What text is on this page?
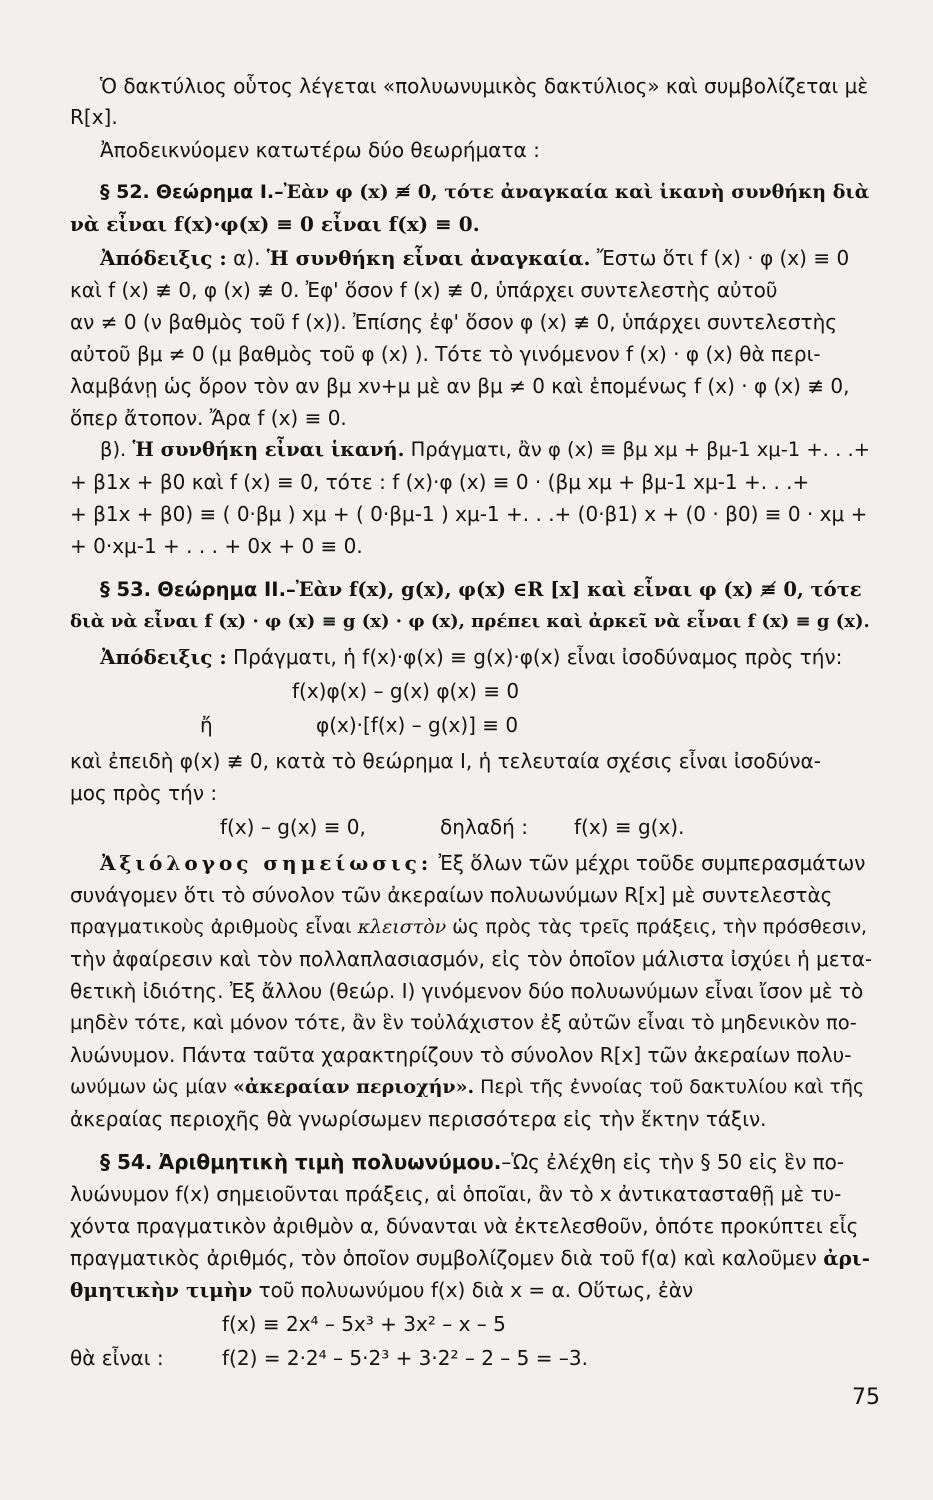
Ὁ δακτύλιος οὗτος λέγεται «πολυωνυμικὸς δακτύλιος» καὶ συμβολίζεται μὲ

R[x].

Ἀποδεικνύομεν κατωτέρω δύο θεωρήματα :

§ 52. Θεώρημα I.–Ἐὰν φ (x) ≢ 0, τότε ἀναγκαία καὶ ἱκανὴ συνθήκη διὰ

νὰ εἶναι f(x)·φ(x) ≡ 0 εἶναι f(x) ≡ 0.

Ἀπόδειξις : α). Ἡ συνθήκη εἶναι ἀναγκαία. Ἔστω ὅτι f (x) · φ (x) ≡ 0

καὶ f (x) ≢ 0, φ (x) ≢ 0. Ἐφ' ὅσον f (x) ≢ 0, ὑπάρχει συντελεστὴς αὐτοῦ

αν ≠ 0 (ν βαθμὸς τοῦ f (x)). Ἐπίσης ἐφ' ὅσον φ (x) ≢ 0, ὑπάρχει συντελεστὴς

αὐτοῦ βμ ≠ 0 (μ βαθμὸς τοῦ φ (x) ). Τότε τὸ γινόμενον f (x) · φ (x) θὰ περι-

λαμβάνῃ ὡς ὅρον τὸν αν βμ xν+μ μὲ αν βμ ≠ 0 καὶ ἑπομένως f (x) · φ (x) ≢ 0,

ὅπερ ἄτοπον. Ἄρα f (x) ≡ 0.

β). Ἡ συνθήκη εἶναι ἱκανή. Πράγματι, ἂν φ (x) ≡ βμ xμ + βμ-1 xμ-1 +. . .+

+ β1x + β0 καὶ f (x) ≡ 0, τότε : f (x)·φ (x) ≡ 0 · (βμ xμ + βμ-1 xμ-1 +. . .+

+ β1x + β0) ≡ ( 0·βμ ) xμ + ( 0·βμ-1 ) xμ-1 +. . .+ (0·β1) x + (0 · β0) ≡ 0 · xμ +

+ 0·xμ-1 + . . . + 0x + 0 ≡ 0.

§ 53. Θεώρημα II.–Ἐὰν f(x), g(x), φ(x) ∈R [x] καὶ εἶναι φ (x) ≢ 0, τότε

διὰ νὰ εἶναι f (x) · φ (x) ≡ g (x) · φ (x), πρέπει καὶ ἀρκεῖ νὰ εἶναι f (x) ≡ g (x).

Ἀπόδειξις : Πράγματι, ἡ f(x)·φ(x) ≡ g(x)·φ(x) εἶναι ἰσοδύναμος πρὸς τήν:

f(x)φ(x) – g(x) φ(x) ≡ 0

ἤ	φ(x)·[f(x) – g(x)] ≡ 0

καὶ ἐπειδὴ φ(x) ≢ 0, κατὰ τὸ θεώρημα I, ἡ τελευταία σχέσις εἶναι ἰσοδύνα-

μος πρὸς τήν :

f(x) – g(x) ≡ 0,	δηλαδή : f(x) ≡ g(x).

Ἀξιόλογος σημείωσις: Ἐξ ὅλων τῶν μέχρι τοῦδε συμπερασμάτων

συνάγομεν ὅτι τὸ σύνολον τῶν ἀκεραίων πολυωνύμων R[x] μὲ συντελεστὰς

πραγματικοὺς ἀριθμοὺς εἶναι κλειστὸν ὡς πρὸς τὰς τρεῖς πράξεις, τὴν πρόσθεσιν,

τὴν ἀφαίρεσιν καὶ τὸν πολλαπλασιασμόν, εἰς τὸν ὁποῖον μάλιστα ἰσχύει ἡ μετα-

θετικὴ ἰδιότης. Ἐξ ἄλλου (θεώρ. I) γινόμενον δύο πολυωνύμων εἶναι ἴσον μὲ τὸ

μηδὲν τότε, καὶ μόνον τότε, ἂν ἓν τοὐλάχιστον ἐξ αὐτῶν εἶναι τὸ μηδενικὸν πο-

λυώνυμον. Πάντα ταῦτα χαρακτηρίζουν τὸ σύνολον R[x] τῶν ἀκεραίων πολυ-

ωνύμων ὡς μίαν «ἀκεραίαν περιοχήν». Περὶ τῆς ἐννοίας τοῦ δακτυλίου καὶ τῆς

ἀκεραίας περιοχῆς θὰ γνωρίσωμεν περισσότερα εἰς τὴν ἕκτην τάξιν.

§ 54. Ἀριθμητικὴ τιμὴ πολυωνύμου.–Ὡς ἐλέχθη εἰς τὴν § 50 εἰς ἓν πο-

λυώνυμον f(x) σημειοῦνται πράξεις, αἱ ὁποῖαι, ἂν τὸ x ἀντικατασταθῇ μὲ τυ-

χόντα πραγματικὸν ἀριθμὸν α, δύνανται νὰ ἐκτελεσθοῦν, ὁπότε προκύπτει εἷς

πραγματικὸς ἀριθμός, τὸν ὁποῖον συμβολίζομεν διὰ τοῦ f(α) καὶ καλοῦμεν ἀρι-

θμητικὴν τιμὴν τοῦ πολυωνύμου f(x) διὰ x = α. Οὕτως, ἐὰν

f(x) ≡ 2x⁴ – 5x³ + 3x² – x – 5

θὰ εἶναι :	f(2) = 2·2⁴ – 5·2³ + 3·2² – 2 – 5 = –3.

75
